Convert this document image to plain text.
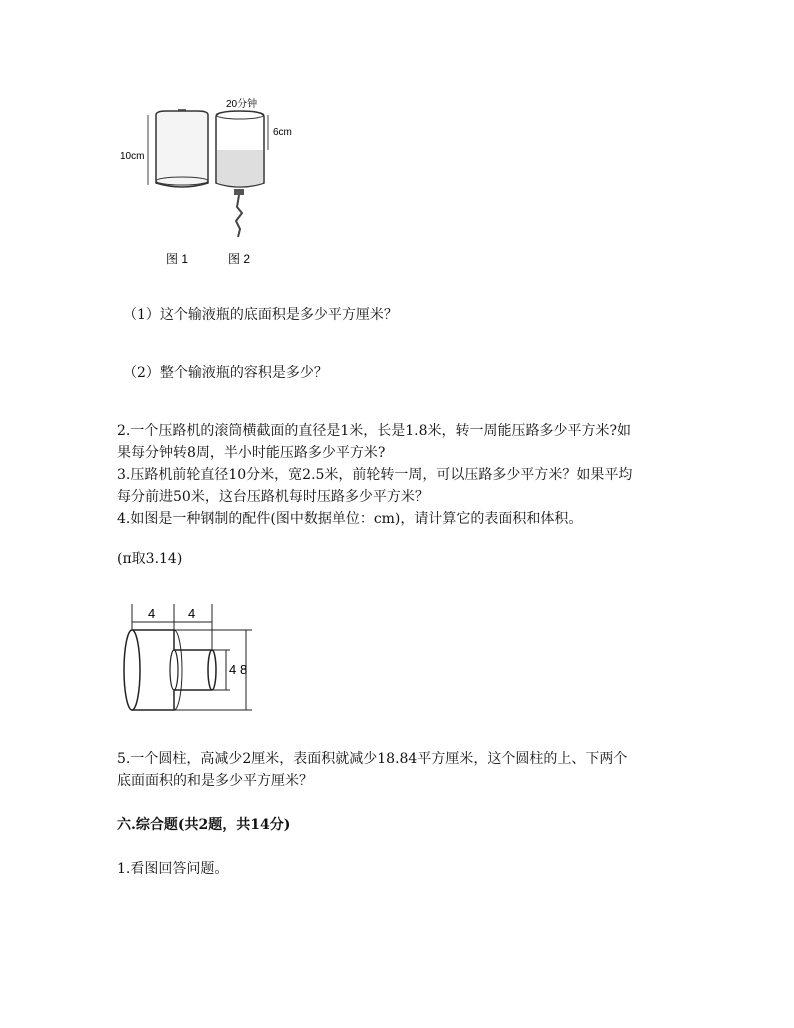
10cm
6cm
20分钟
图 1	图 2
（1）这个输液瓶的底面积是多少平方厘米？
（2）整个输液瓶的容积是多少？
2.一个压路机的滚筒横截面的直径是1米，长是1.8米，转一周能压路多少平方米?如
果每分钟转8周，半小时能压路多少平方米?
3.压路机前轮直径10分米，宽2.5米，前轮转一周，可以压路多少平方米？如果平均
每分前进50米，这台压路机每时压路多少平方米？
4.如图是一种钢制的配件(图中数据单位：cm)，请计算它的表面积和体积。
(π取3.14)
4	4
4 8
5.一个圆柱，高减少2厘米，表面积就减少18.84平方厘米，这个圆柱的上、下两个
底面面积的和是多少平方厘米？
六.综合题(共2题，共14分)
1.看图回答问题。
